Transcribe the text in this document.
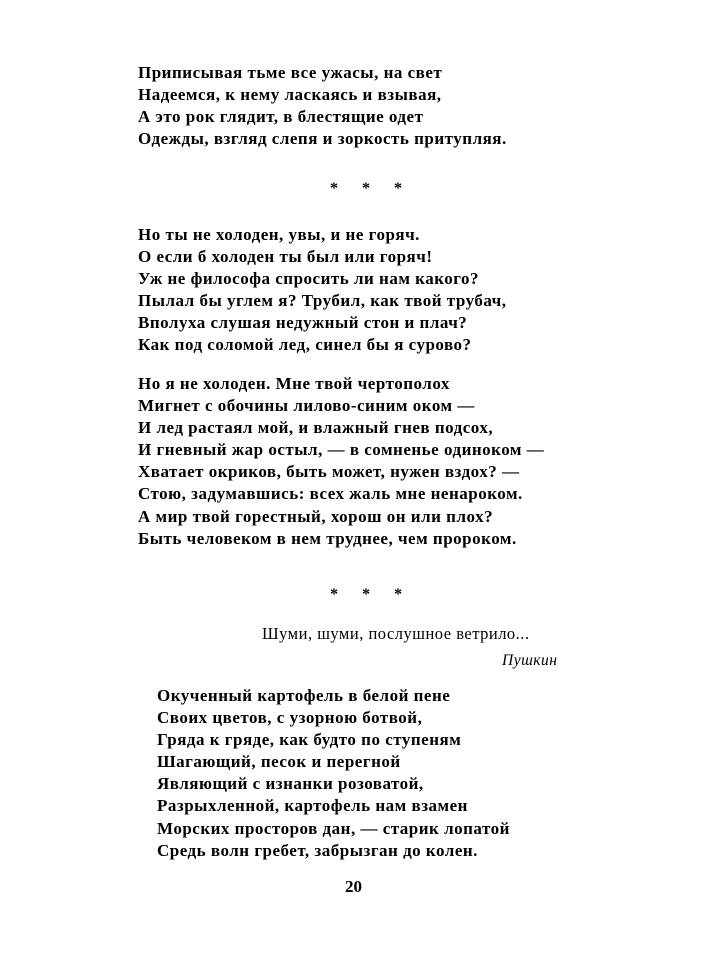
Приписывая тьме все ужасы, на свет
Надеемся, к нему ласкаясь и взывая,
А это рок глядит, в блестящие одет
Одежды, взгляд слепя и зоркость притупляя.
* * *
Но ты не холоден, увы, и не горяч.
О если б холоден ты был или горяч!
Уж не философа спросить ли нам какого?
Пылал бы углем я? Трубил, как твой трубач,
Вполуха слушая недужный стон и плач?
Как под соломой лед, синел бы я сурово?
Но я не холоден. Мне твой чертополох
Мигнет с обочины лилово-синим оком —
И лед растаял мой, и влажный гнев подсох,
И гневный жар остыл, — в сомненье одиноком —
Хватает окриков, быть может, нужен вздох? —
Стою, задумавшись: всех жаль мне ненароком.
А мир твой горестный, хорош он или плох?
Быть человеком в нем труднее, чем пророком.
* * *
Шуми, шуми, послушное ветрило...
Пушкин
Окученный картофель в белой пене
Своих цветов, с узорною ботвой,
Гряда к гряде, как будто по ступеням
Шагающий, песок и перегной
Являющий с изнанки розоватой,
Разрыхленной, картофель нам взамен
Морских просторов дан, — старик лопатой
Средь волн гребет, забрызган до колен.
20
